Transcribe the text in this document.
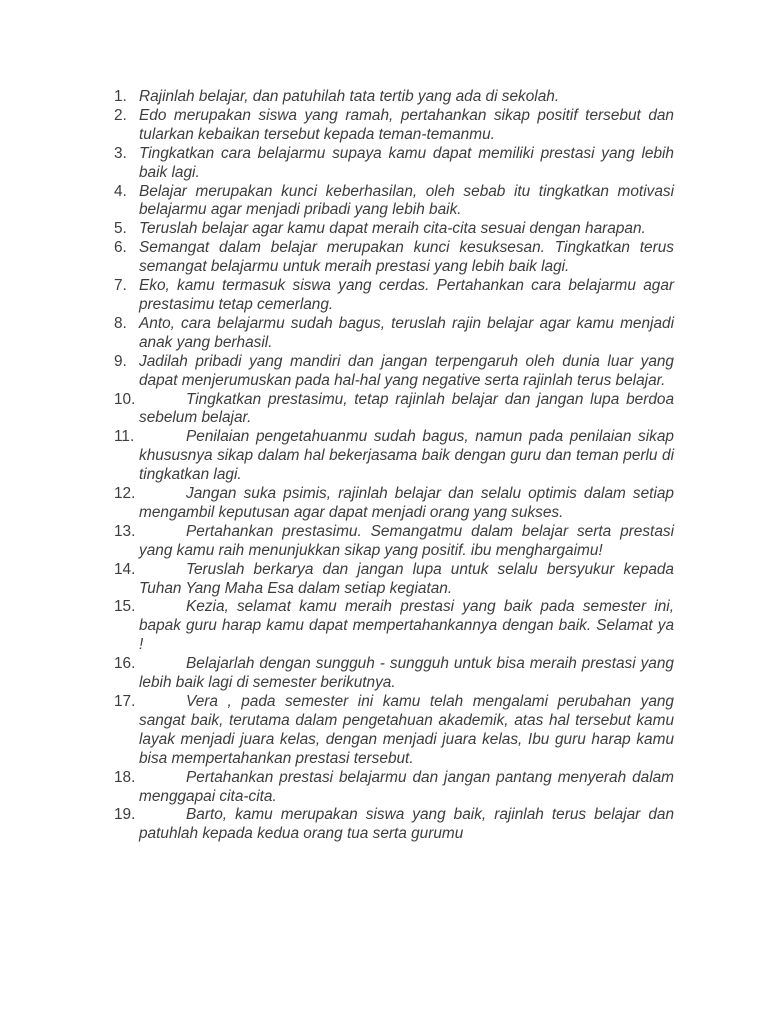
1. Rajinlah belajar, dan patuhilah tata tertib yang ada di sekolah.
2. Edo merupakan siswa yang ramah, pertahankan sikap positif tersebut dan tularkan kebaikan tersebut kepada teman-temanmu.
3. Tingkatkan cara belajarmu supaya kamu dapat memiliki prestasi yang lebih baik lagi.
4. Belajar merupakan kunci keberhasilan, oleh sebab itu tingkatkan motivasi belajarmu agar menjadi pribadi yang lebih baik.
5. Teruslah belajar agar kamu dapat meraih cita-cita sesuai dengan harapan.
6. Semangat dalam belajar merupakan kunci kesuksesan. Tingkatkan terus semangat belajarmu untuk meraih prestasi yang lebih baik lagi.
7. Eko, kamu termasuk siswa yang cerdas. Pertahankan cara belajarmu agar prestasimu tetap cemerlang.
8. Anto, cara belajarmu sudah bagus, teruslah rajin belajar agar kamu menjadi anak yang berhasil.
9. Jadilah pribadi yang mandiri dan jangan terpengaruh oleh dunia luar yang dapat menjerumuskan pada hal-hal yang negative serta rajinlah terus belajar.
10.	Tingkatkan prestasimu, tetap rajinlah belajar dan jangan lupa berdoa sebelum belajar.
11.	Penilaian pengetahuanmu sudah bagus, namun pada penilaian sikap khususnya sikap dalam hal bekerjasama baik dengan guru dan teman perlu di tingkatkan lagi.
12.	Jangan suka psimis, rajinlah belajar dan selalu optimis dalam setiap mengambil keputusan agar dapat menjadi orang yang sukses.
13.	Pertahankan prestasimu. Semangatmu dalam belajar serta prestasi yang kamu raih menunjukkan sikap yang positif. ibu menghargaimu!
14.	Teruslah berkarya dan jangan lupa untuk selalu bersyukur kepada Tuhan Yang Maha Esa dalam setiap kegiatan.
15.	Kezia, selamat kamu meraih prestasi yang baik pada semester ini, bapak guru harap kamu dapat mempertahankannya dengan baik. Selamat ya !
16.	Belajarlah dengan sungguh - sungguh untuk bisa meraih prestasi yang lebih baik lagi di semester berikutnya.
17.	Vera , pada semester ini kamu telah mengalami perubahan yang sangat baik, terutama dalam pengetahuan akademik, atas hal tersebut kamu layak menjadi juara kelas, dengan menjadi juara kelas, Ibu guru harap kamu bisa mempertahankan prestasi tersebut.
18.	Pertahankan prestasi belajarmu dan jangan pantang menyerah dalam menggapai cita-cita.
19.	Barto, kamu merupakan siswa yang baik, rajinlah terus belajar dan patuhlah kepada kedua orang tua serta gurumu
